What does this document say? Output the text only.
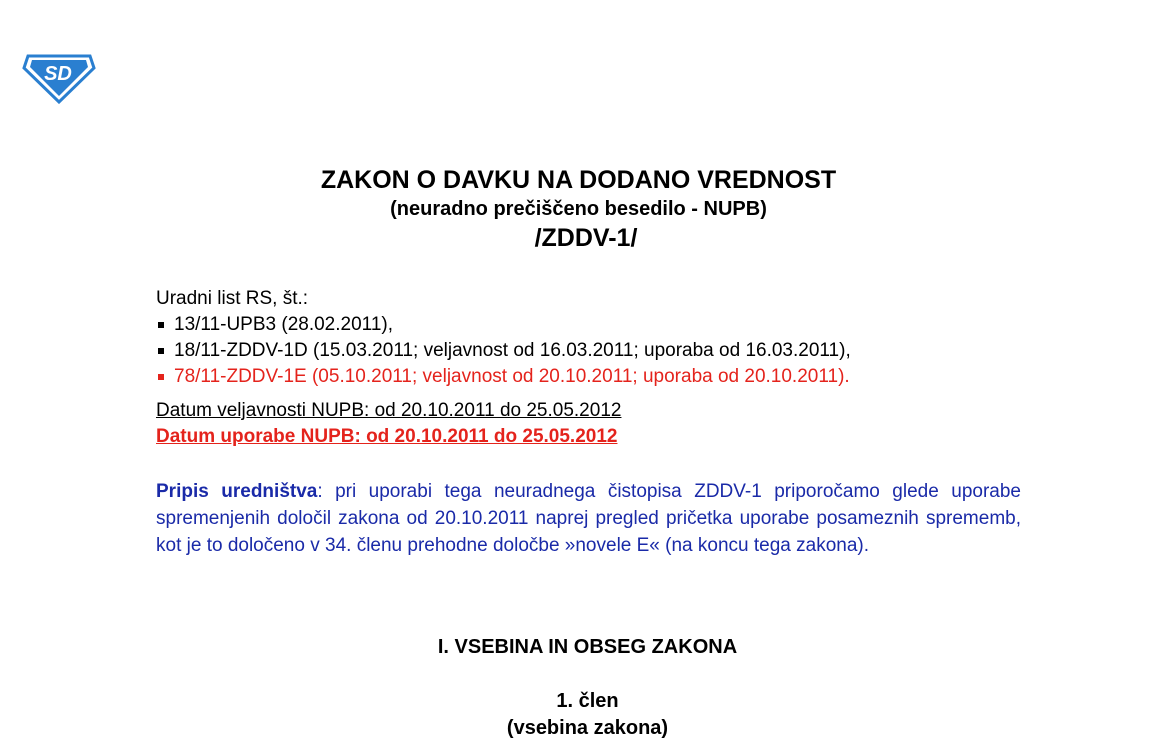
SD
ZAKON O DAVKU NA DODANO VREDNOST
(neuradno prečiščeno besedilo - NUPB)
/ZDDV-1/
Uradni list RS, št.:
13/11-UPB3 (28.02.2011),
18/11-ZDDV-1D (15.03.2011; veljavnost od 16.03.2011; uporaba od 16.03.2011),
78/11-ZDDV-1E (05.10.2011; veljavnost od 20.10.2011; uporaba od 20.10.2011).
Datum veljavnosti NUPB: od 20.10.2011 do 25.05.2012
Datum uporabe NUPB: od 20.10.2011 do 25.05.2012
Pripis uredništva: pri uporabi tega neuradnega čistopisa ZDDV-1 priporočamo glede uporabe spremenjenih določil zakona od 20.10.2011 naprej pregled pričetka uporabe posameznih sprememb, kot je to določeno v 34. členu prehodne določbe »novele E« (na koncu tega zakona).
I. VSEBINA IN OBSEG ZAKONA
1. člen
(vsebina zakona)
